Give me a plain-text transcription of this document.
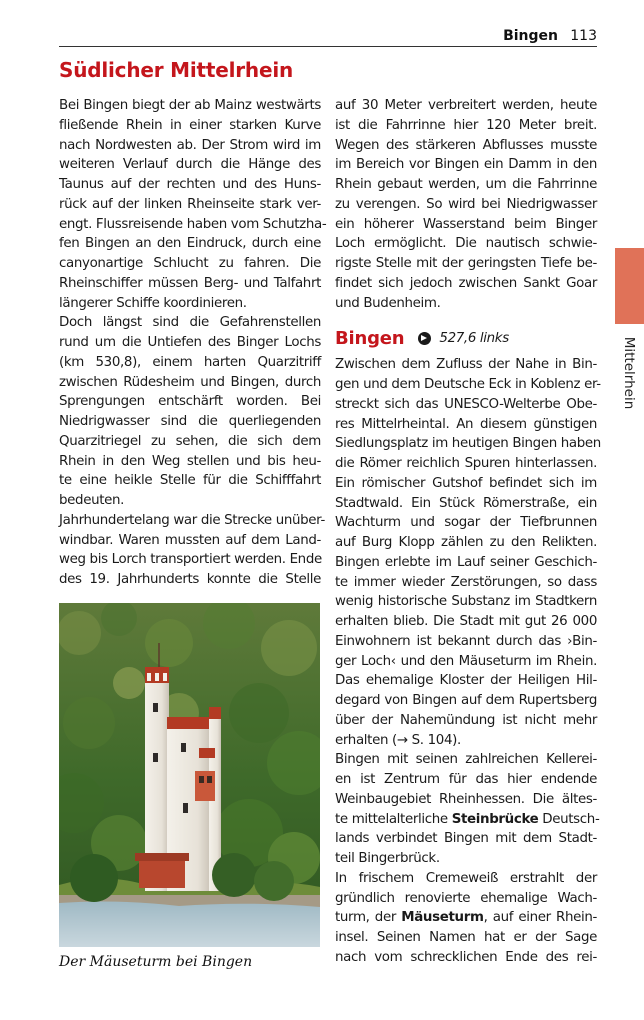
Bingen 113
Südlicher Mittelrhein
Bei Bingen biegt der ab Mainz westwärts
fließende Rhein in einer starken Kurve
nach Nordwesten ab. Der Strom wird im
weiteren Verlauf durch die Hänge des
Taunus auf der rechten und des Huns-
rück auf der linken Rheinseite stark ver-
engt. Flussreisende haben vom Schutzha-
fen Bingen an den Eindruck, durch eine
canyonartige Schlucht zu fahren. Die
Rheinschiffer müssen Berg- und Talfahrt
längerer Schiffe koordinieren.
Doch längst sind die Gefahrenstellen
rund um die Untiefen des Binger Lochs
(km 530,8), einem harten Quarzitriff
zwischen Rüdesheim und Bingen, durch
Sprengungen entschärft worden. Bei
Niedrigwasser sind die querliegenden
Quarzitriegel zu sehen, die sich dem
Rhein in den Weg stellen und bis heu-
te eine heikle Stelle für die Schifffahrt
bedeuten.
Jahrhundertelang war die Strecke unüber-
windbar. Waren mussten auf dem Land-
weg bis Lorch transportiert werden. Ende
des 19. Jahrhunderts konnte die Stelle
auf 30 Meter verbreitert werden, heute
ist die Fahrrinne hier 120 Meter breit.
Wegen des stärkeren Abflusses musste
im Bereich vor Bingen ein Damm in den
Rhein gebaut werden, um die Fahrrinne
zu verengen. So wird bei Niedrigwasser
ein höherer Wasserstand beim Binger
Loch ermöglicht. Die nautisch schwie-
rigste Stelle mit der geringsten Tiefe be-
findet sich jedoch zwischen Sankt Goar
und Budenheim.
Bingen	527,6 links
Zwischen dem Zufluss der Nahe in Bin-
gen und dem Deutsche Eck in Koblenz er-
streckt sich das UNESCO-Welterbe Obe-
res Mittelrheintal. An diesem günstigen
Siedlungsplatz im heutigen Bingen haben
die Römer reichlich Spuren hinterlassen.
Ein römischer Gutshof befindet sich im
Stadtwald. Ein Stück Römerstraße, ein
Wachturm und sogar der Tiefbrunnen
auf Burg Klopp zählen zu den Relikten.
Bingen erlebte im Lauf seiner Geschich-
te immer wieder Zerstörungen, so dass
wenig historische Substanz im Stadtkern
erhalten blieb. Die Stadt mit gut 26 000
Einwohnern ist bekannt durch das ›Bin-
ger Loch‹ und den Mäuseturm im Rhein.
Das ehemalige Kloster der Heiligen Hil-
degard von Bingen auf dem Rupertsberg
über der Nahemündung ist nicht mehr
erhalten (→ S. 104).
Bingen mit seinen zahlreichen Kellerei-
en ist Zentrum für das hier endende
Weinbaugebiet Rheinhessen. Die ältes-
te mittelalterliche Steinbrücke Deutsch-
lands verbindet Bingen mit dem Stadt-
teil Bingerbrück.
In frischem Cremeweiß erstrahlt der
gründlich renovierte ehemalige Wach-
turm, der Mäuseturm, auf einer Rhein-
insel. Seinen Namen hat er der Sage
nach vom schrecklichen Ende des rei-
Mittelrhein
Der Mäuseturm bei Bingen
